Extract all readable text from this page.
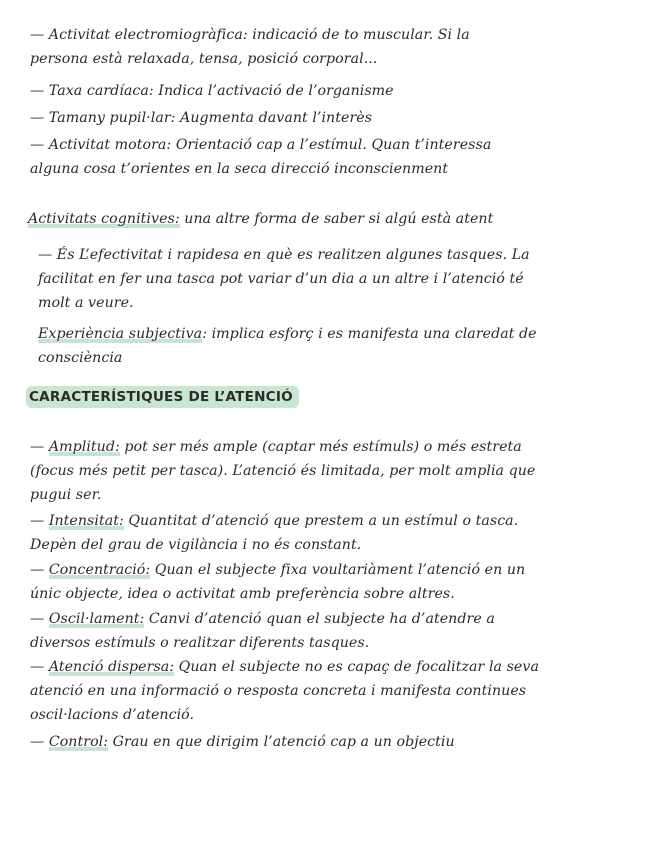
— Activitat electromiogràfica: indicació de to muscular. Si la
persona està relaxada, tensa, posició corporal...
— Taxa cardíaca: Indica l’activació de l’organisme
— Tamany pupil·lar: Augmenta davant l’interès
— Activitat motora: Orientació cap a l’estímul. Quan t’interessa
alguna cosa t’orientes en la seca direcció inconscienment
Activitats cognitives: una altre forma de saber si algú està atent
— És L’efectivitat i rapidesa en què es realitzen algunes tasques. La
facilitat en fer una tasca pot variar d’un dia a un altre i l’atenció té
molt a veure.
Experiència subjectiva: implica esforç i es manifesta una claredat de
consciència
CARACTERÍSTIQUES DE L’ATENCIÓ
— Amplitud: pot ser més ample (captar més estímuls) o més estreta
(focus més petit per tasca). L’atenció és limitada, per molt amplia que
pugui ser.
— Intensitat: Quantitat d’atenció que prestem a un estímul o tasca.
Depèn del grau de vigilància i no és constant.
— Concentració: Quan el subjecte fixa voultariàment l’atenció en un
únic objecte, idea o activitat amb preferència sobre altres.
— Oscil·lament: Canvi d’atenció quan el subjecte ha d’atendre a
diversos estímuls o realitzar diferents tasques.
— Atenció dispersa: Quan el subjecte no es capaç de focalitzar la seva
atenció en una informació o resposta concreta i manifesta continues
oscil·lacions d’atenció.
— Control: Grau en que dirigim l’atenció cap a un objectiu
